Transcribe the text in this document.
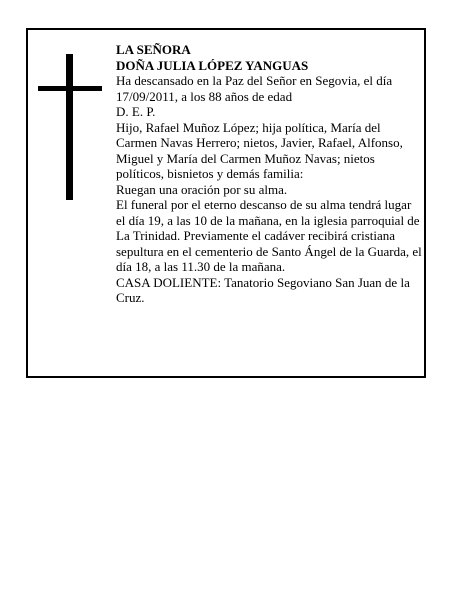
LA SEÑORA

DOÑA JULIA LÓPEZ YANGUAS

Ha descansado en la Paz del Señor en Segovia, el día 17/09/2011, a los 88 años de edad

D. E. P.

Hijo, Rafael Muñoz López; hija política, María del Carmen Navas Herrero; nietos, Javier, Rafael, Alfonso, Miguel y María del Carmen Muñoz Navas; nietos políticos, bisnietos y demás familia:

Ruegan una oración por su alma.

El funeral por el eterno descanso de su alma tendrá lugar el día 19, a las 10 de la mañana, en la iglesia parroquial de La Trinidad. Previamente el cadáver recibirá cristiana sepultura en el cementerio de Santo Ángel de la Guarda, el día 18, a las 11.30 de la mañana.

CASA DOLIENTE: Tanatorio Segoviano San Juan de la Cruz.
